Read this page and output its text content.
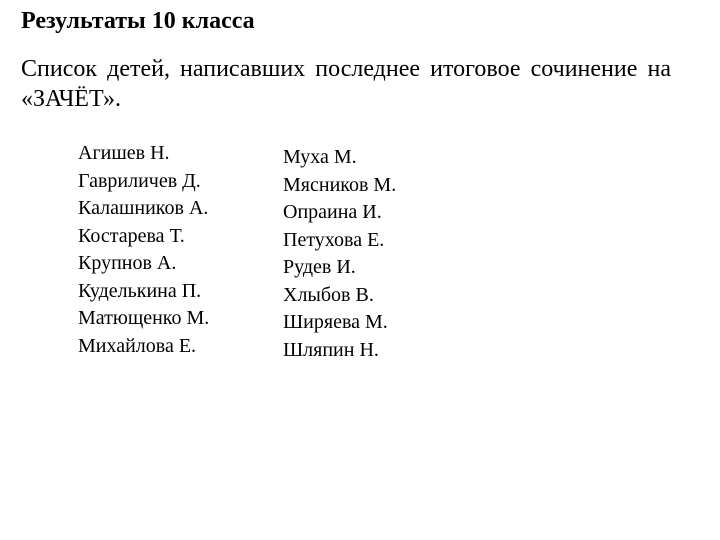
Результаты 10 класса
Список детей, написавших последнее итоговое сочинение на «ЗАЧЁТ».
Агишев Н.
Гавриличев Д.
Калашников А.
Костарева Т.
Крупнов А.
Кудeлькина П.
Матющенко М.
Михайлова Е.
Муха М.
Мясников М.
Опраина И.
Петухова Е.
Рудев И.
Хлыбов В.
Ширяева М.
Шляпин Н.
